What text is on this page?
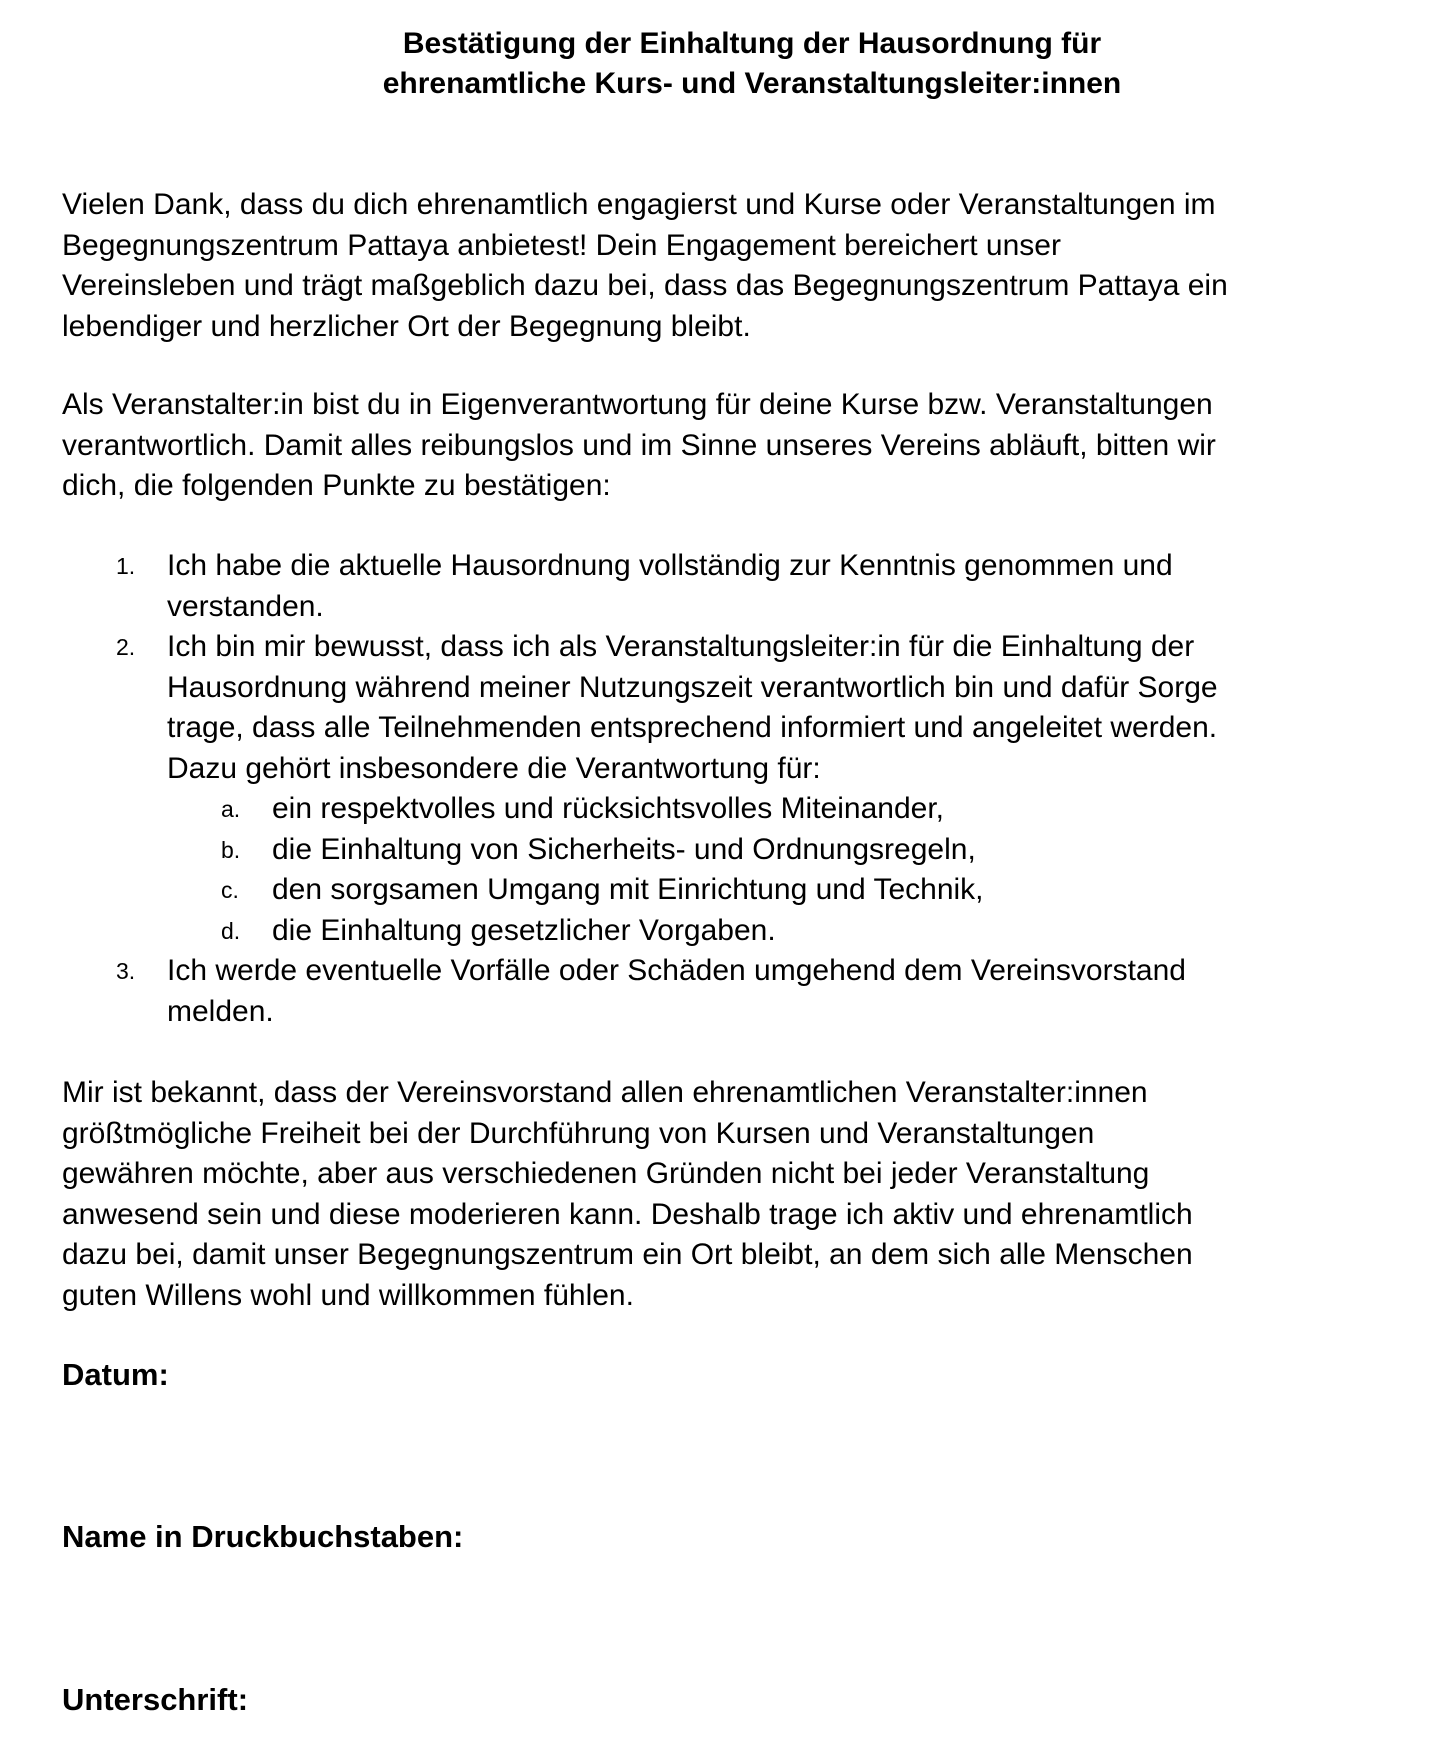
Bestätigung der Einhaltung der Hausordnung für
ehrenamtliche Kurs- und Veranstaltungsleiter:innen

Vielen Dank, dass du dich ehrenamtlich engagierst und Kurse oder Veranstaltungen im
Begegnungszentrum Pattaya anbietest! Dein Engagement bereichert unser
Vereinsleben und trägt maßgeblich dazu bei, dass das Begegnungszentrum Pattaya ein
lebendiger und herzlicher Ort der Begegnung bleibt.

Als Veranstalter:in bist du in Eigenverantwortung für deine Kurse bzw. Veranstaltungen
verantwortlich. Damit alles reibungslos und im Sinne unseres Vereins abläuft, bitten wir
dich, die folgenden Punkte zu bestätigen:

1. Ich habe die aktuelle Hausordnung vollständig zur Kenntnis genommen und
verstanden.
2. Ich bin mir bewusst, dass ich als Veranstaltungsleiter:in für die Einhaltung der
Hausordnung während meiner Nutzungszeit verantwortlich bin und dafür Sorge
trage, dass alle Teilnehmenden entsprechend informiert und angeleitet werden.
Dazu gehört insbesondere die Verantwortung für:
a. ein respektvolles und rücksichtsvolles Miteinander,
b. die Einhaltung von Sicherheits- und Ordnungsregeln,
c.	den sorgsamen Umgang mit Einrichtung und Technik,
d. die Einhaltung gesetzlicher Vorgaben.
3. Ich werde eventuelle Vorfälle oder Schäden umgehend dem Vereinsvorstand
melden.

Mir ist bekannt, dass der Vereinsvorstand allen ehrenamtlichen Veranstalter:innen
größtmögliche Freiheit bei der Durchführung von Kursen und Veranstaltungen
gewähren möchte, aber aus verschiedenen Gründen nicht bei jeder Veranstaltung
anwesend sein und diese moderieren kann. Deshalb trage ich aktiv und ehrenamtlich
dazu bei, damit unser Begegnungszentrum ein Ort bleibt, an dem sich alle Menschen
guten Willens wohl und willkommen fühlen.

Datum:

Name in Druckbuchstaben:

Unterschrift:
